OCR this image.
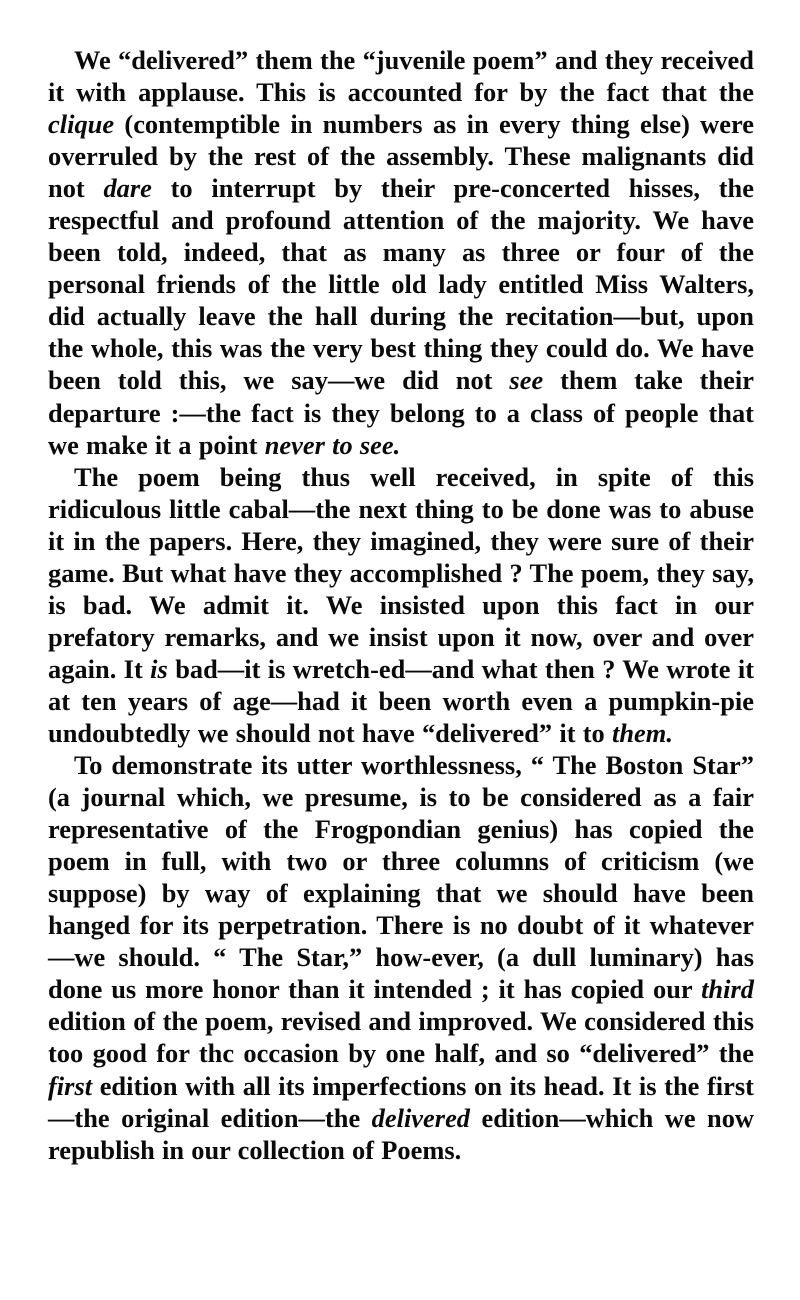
We “delivered” them the “juvenile poem” and they received it with applause. This is accounted for by the fact that the clique (contemptible in numbers as in every thing else) were overruled by the rest of the assembly. These malignants did not dare to interrupt by their pre-concerted hisses, the respectful and profound attention of the majority. We have been told, indeed, that as many as three or four of the personal friends of the little old lady entitled Miss Walters, did actually leave the hall during the recitation—but, upon the whole, this was the very best thing they could do. We have been told this, we say—we did not see them take their departure :—the fact is they belong to a class of people that we make it a point never to see.

The poem being thus well received, in spite of this ridiculous little cabal—the next thing to be done was to abuse it in the papers. Here, they imagined, they were sure of their game. But what have they accomplished ? The poem, they say, is bad. We admit it. We insisted upon this fact in our prefatory remarks, and we insist upon it now, over and over again. It is bad—it is wretch-ed—and what then ? We wrote it at ten years of age—had it been worth even a pumpkin-pie undoubtedly we should not have “delivered” it to them.

To demonstrate its utter worthlessness, “ The Boston Star” (a journal which, we presume, is to be considered as a fair representative of the Frogpondian genius) has copied the poem in full, with two or three columns of criticism (we suppose) by way of explaining that we should have been hanged for its perpetration. There is no doubt of it whatever—we should. “ The Star,” how-ever, (a dull luminary) has done us more honor than it intended ; it has copied our third edition of the poem, revised and improved. We considered this too good for thc occasion by one half, and so “delivered” the first edition with all its imperfections on its head. It is the first—the original edition—the delivered edition—which we now republish in our collection of Poems.
